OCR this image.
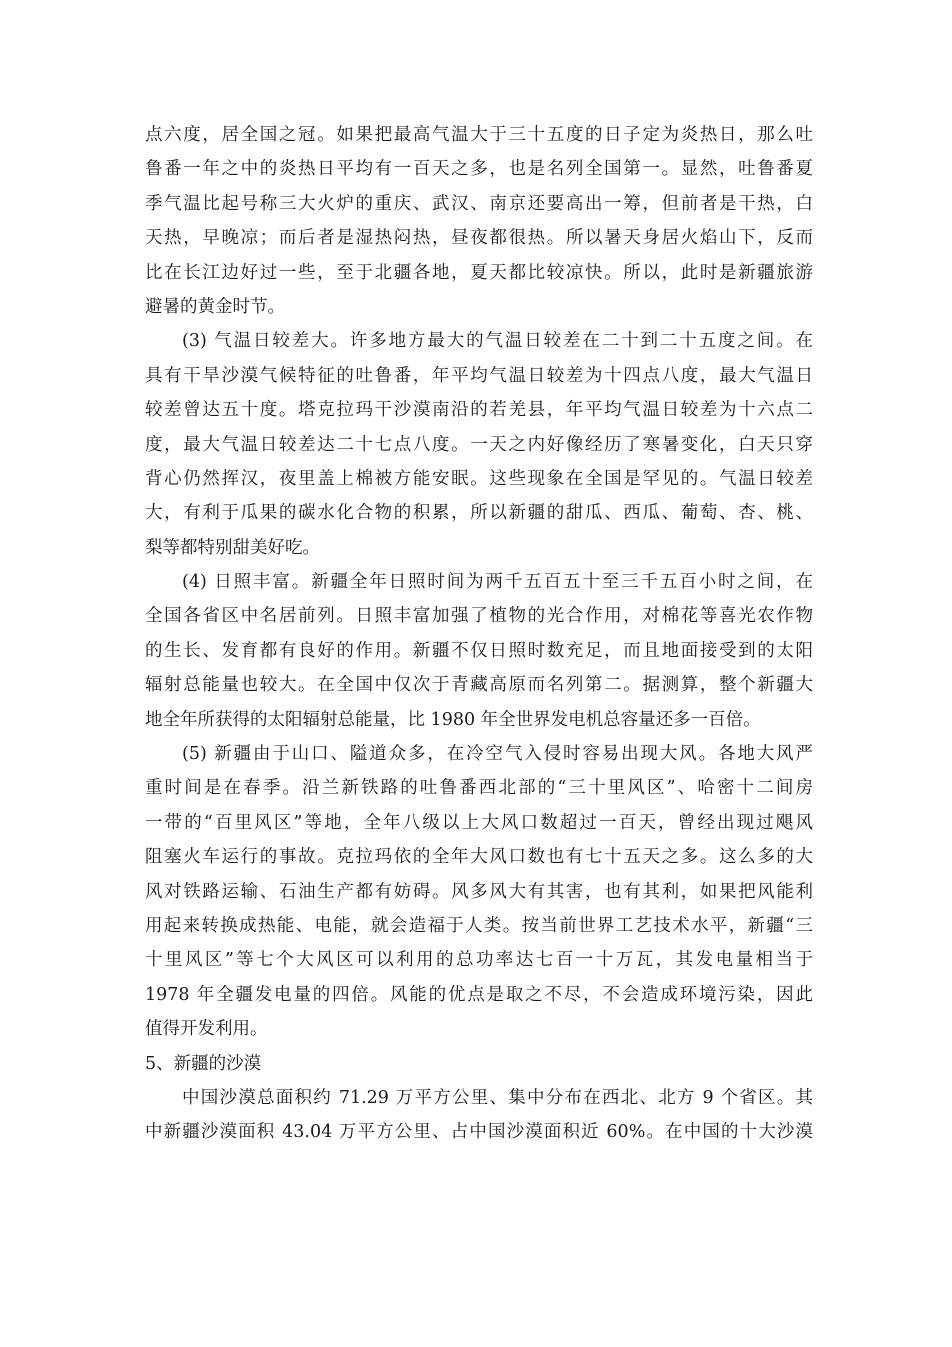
点六度，居全国之冠。如果把最高气温大于三十五度的日子定为炎热日，那么吐
鲁番一年之中的炎热日平均有一百天之多，也是名列全国第一。显然，吐鲁番夏
季气温比起号称三大火炉的重庆、武汉、南京还要高出一筹，但前者是干热，白
天热，早晚凉；而后者是湿热闷热，昼夜都很热。所以暑天身居火焰山下，反而
比在长江边好过一些，至于北疆各地，夏天都比较凉快。所以，此时是新疆旅游
避暑的黄金时节。
(3) 气温日较差大。许多地方最大的气温日较差在二十到二十五度之间。在
具有干旱沙漠气候特征的吐鲁番，年平均气温日较差为十四点八度，最大气温日
较差曾达五十度。塔克拉玛干沙漠南沿的若羌县，年平均气温日较差为十六点二
度，最大气温日较差达二十七点八度。一天之内好像经历了寒暑变化，白天只穿
背心仍然挥汉，夜里盖上棉被方能安眠。这些现象在全国是罕见的。气温日较差
大，有利于瓜果的碳水化合物的积累，所以新疆的甜瓜、西瓜、葡萄、杏、桃、
梨等都特别甜美好吃。
(4) 日照丰富。新疆全年日照时间为两千五百五十至三千五百小时之间，在
全国各省区中名居前列。日照丰富加强了植物的光合作用，对棉花等喜光农作物
的生长、发育都有良好的作用。新疆不仅日照时数充足，而且地面接受到的太阳
辐射总能量也较大。在全国中仅次于青藏高原而名列第二。据测算，整个新疆大
地全年所获得的太阳辐射总能量，比 1980 年全世界发电机总容量还多一百倍。
(5) 新疆由于山口、隘道众多，在冷空气入侵时容易出现大风。各地大风严
重时间是在春季。沿兰新铁路的吐鲁番西北部的“三十里风区”、哈密十二间房
一带的“百里风区”等地，全年八级以上大风口数超过一百天，曾经出现过飓风
阻塞火车运行的事故。克拉玛依的全年大风口数也有七十五天之多。这么多的大
风对铁路运输、石油生产都有妨碍。风多风大有其害，也有其利，如果把风能利
用起来转换成热能、电能，就会造福于人类。按当前世界工艺技术水平，新疆“三
十里风区”等七个大风区可以利用的总功率达七百一十万瓦，其发电量相当于
1978 年全疆发电量的四倍。风能的优点是取之不尽，不会造成环境污染，因此
值得开发利用。
5、新疆的沙漠
中国沙漠总面积约 71.29 万平方公里、集中分布在西北、北方 9 个省区。其
中新疆沙漠面积 43.04 万平方公里、占中国沙漠面积近 60%。在中国的十大沙漠
